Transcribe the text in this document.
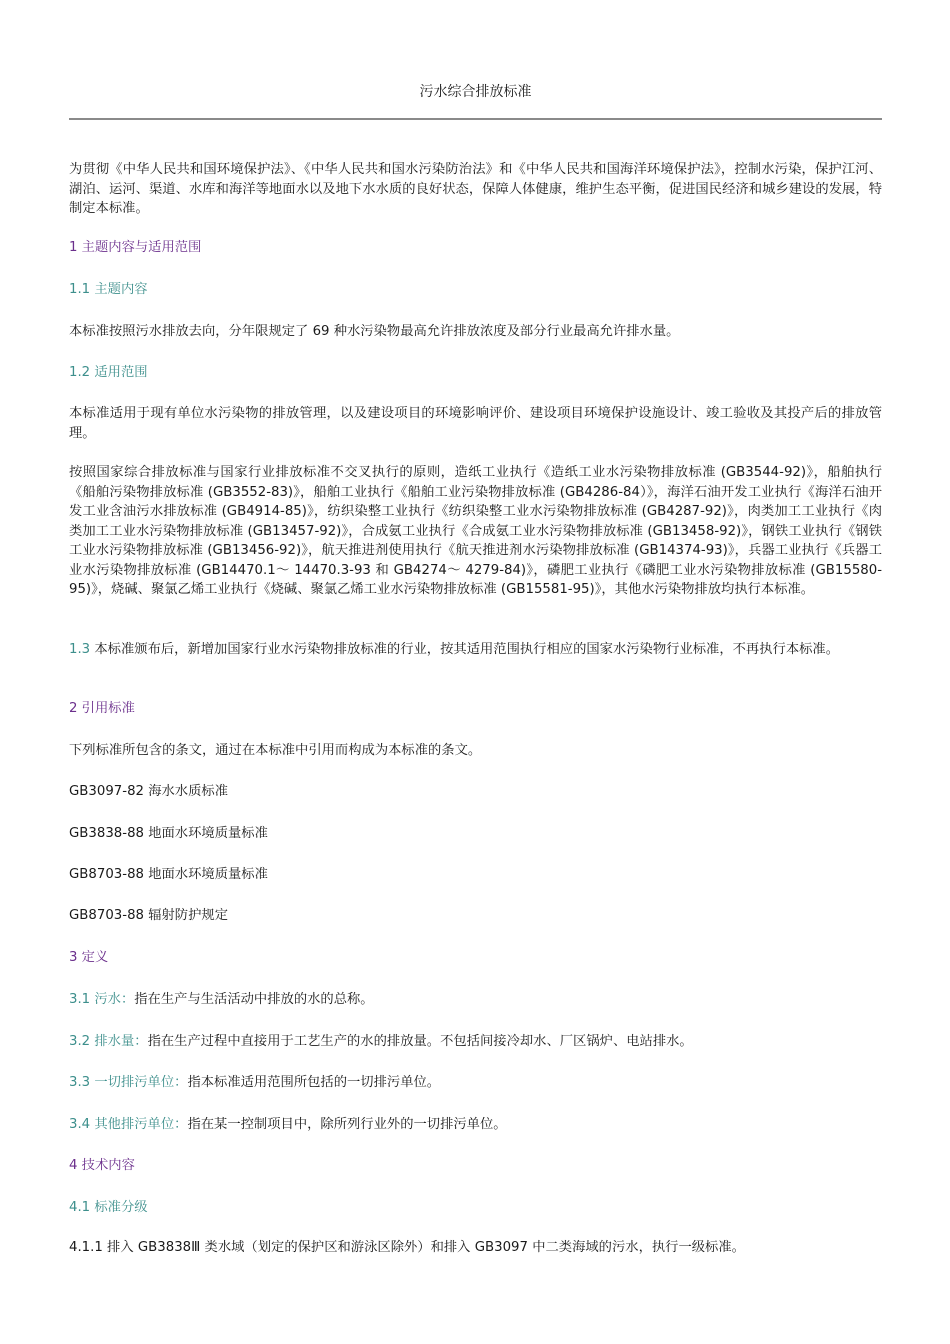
污水综合排放标准
为贯彻《中华人民共和国环境保护法》、《中华人民共和国水污染防治法》和《中华人民共和国海洋环境保护法》，控制水污染，保护江河、湖泊、运河、渠道、水库和海洋等地面水以及地下水水质的良好状态，保障人体健康，维护生态平衡，促进国民经济和城乡建设的发展，特制定本标准。
1 主题内容与适用范围
1.1 主题内容
本标准按照污水排放去向，分年限规定了 69 种水污染物最高允许排放浓度及部分行业最高允许排水量。
1.2 适用范围
本标准适用于现有单位水污染物的排放管理，以及建设项目的环境影响评价、建设项目环境保护设施设计、竣工验收及其投产后的排放管理。
按照国家综合排放标准与国家行业排放标准不交叉执行的原则，造纸工业执行《造纸工业水污染物排放标准 (GB3544-92)》，船舶执行《船舶污染物排放标准 (GB3552-83)》，船舶工业执行《船舶工业污染物排放标准 (GB4286-84）》，海洋石油开发工业执行《海洋石油开发工业含油污水排放标准 (GB4914-85)》，纺织染整工业执行《纺织染整工业水污染物排放标准 (GB4287-92)》，肉类加工工业执行《肉类加工工业水污染物排放标准 (GB13457-92)》，合成氨工业执行《合成氨工业水污染物排放标准 (GB13458-92)》，钢铁工业执行《钢铁工业水污染物排放标准 (GB13456-92)》，航天推进剂使用执行《航天推进剂水污染物排放标准 (GB14374-93)》，兵器工业执行《兵器工业水污染物排放标准 (GB14470.1～ 14470.3-93 和 GB4274～ 4279-84)》，磷肥工业执行《磷肥工业水污染物排放标准 (GB15580-95)》，烧碱、聚氯乙烯工业执行《烧碱、聚氯乙烯工业水污染物排放标准 (GB15581-95)》，其他水污染物排放均执行本标准。
1.3 本标准颁布后，新增加国家行业水污染物排放标准的行业，按其适用范围执行相应的国家水污染物行业标准，不再执行本标准。
2 引用标准
下列标准所包含的条文，通过在本标准中引用而构成为本标准的条文。
GB3097-82 海水水质标准
GB3838-88 地面水环境质量标准
GB8703-88 地面水环境质量标准
GB8703-88 辐射防护规定
3 定义
3.1 污水：指在生产与生活活动中排放的水的总称。
3.2 排水量：指在生产过程中直接用于工艺生产的水的排放量。不包括间接冷却水、厂区锅炉、电站排水。
3.3 一切排污单位：指本标准适用范围所包括的一切排污单位。
3.4 其他排污单位：指在某一控制项目中，除所列行业外的一切排污单位。
4 技术内容
4.1 标准分级
4.1.1 排入 GB3838Ⅲ 类水域（划定的保护区和游泳区除外）和排入 GB3097 中二类海域的污水，执行一级标准。
